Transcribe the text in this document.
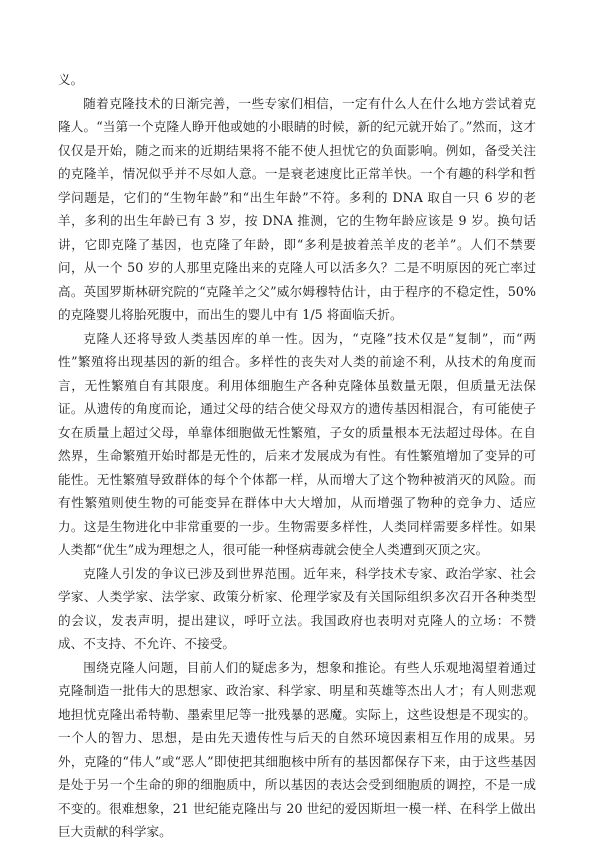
义。

随着克隆技术的日渐完善，一些专家们相信，一定有什么人在什么地方尝试着克隆人。“当第一个克隆人睁开他或她的小眼睛的时候，新的纪元就开始了。”然而，这才仅仅是开始，随之而来的近期结果将不能不使人担忧它的负面影响。例如，备受关注的克隆羊，情况似乎并不尽如人意。一是衰老速度比正常羊快。一个有趣的科学和哲学问题是，它们的“生物年龄”和“出生年龄”不符。多利的 DNA 取自一只 6 岁的老羊，多利的出生年龄已有 3 岁，按 DNA 推测，它的生物年龄应该是 9 岁。换句话讲，它即克隆了基因，也克隆了年龄，即“多利是披着羔羊皮的老羊”。人们不禁要问，从一个 50 岁的人那里克隆出来的克隆人可以活多久？二是不明原因的死亡率过高。英国罗斯林研究院的“克隆羊之父”威尔姆穆特估计，由于程序的不稳定性，50%的克隆婴儿将胎死腹中，而出生的婴儿中有 1/5 将面临夭折。

克隆人还将导致人类基因库的单一性。因为，“克隆”技术仅是“复制”，而“两性”繁殖将出现基因的新的组合。多样性的丧失对人类的前途不利，从技术的角度而言，无性繁殖自有其限度。利用体细胞生产各种克隆体虽数量无限，但质量无法保证。从遗传的角度而论，通过父母的结合使父母双方的遗传基因相混合，有可能使子女在质量上超过父母，单靠体细胞做无性繁殖，子女的质量根本无法超过母体。在自然界，生命繁殖开始时都是无性的，后来才发展成为有性。有性繁殖增加了变异的可能性。无性繁殖导致群体的每个个体都一样，从而增大了这个物种被消灭的风险。而有性繁殖则使生物的可能变异在群体中大大增加，从而增强了物种的竞争力、适应力。这是生物进化中非常重要的一步。生物需要多样性，人类同样需要多样性。如果人类都“优生”成为理想之人，很可能一种怪病毒就会使全人类遭到灭顶之灾。

克隆人引发的争议已涉及到世界范围。近年来，科学技术专家、政治学家、社会学家、人类学家、法学家、政策分析家、伦理学家及有关国际组织多次召开各种类型的会议，发表声明，提出建议，呼吁立法。我国政府也表明对克隆人的立场：不赞成、不支持、不允许、不接受。

围绕克隆人问题，目前人们的疑虑多为，想象和推论。有些人乐观地渴望着通过克隆制造一批伟大的思想家、政治家、科学家、明星和英雄等杰出人才；有人则悲观地担忧克隆出希特勒、墨索里尼等一批残暴的恶魔。实际上，这些设想是不现实的。一个人的智力、思想，是由先天遗传性与后天的自然环境因素相互作用的成果。另外，克隆的“伟人”或“恶人”即使把其细胞核中所有的基因都保存下来，由于这些基因是处于另一个生命的卵的细胞质中，所以基因的表达会受到细胞质的调控，不是一成不变的。很难想象，21 世纪能克隆出与 20 世纪的爱因斯坦一模一样、在科学上做出巨大贡献的科学家。
